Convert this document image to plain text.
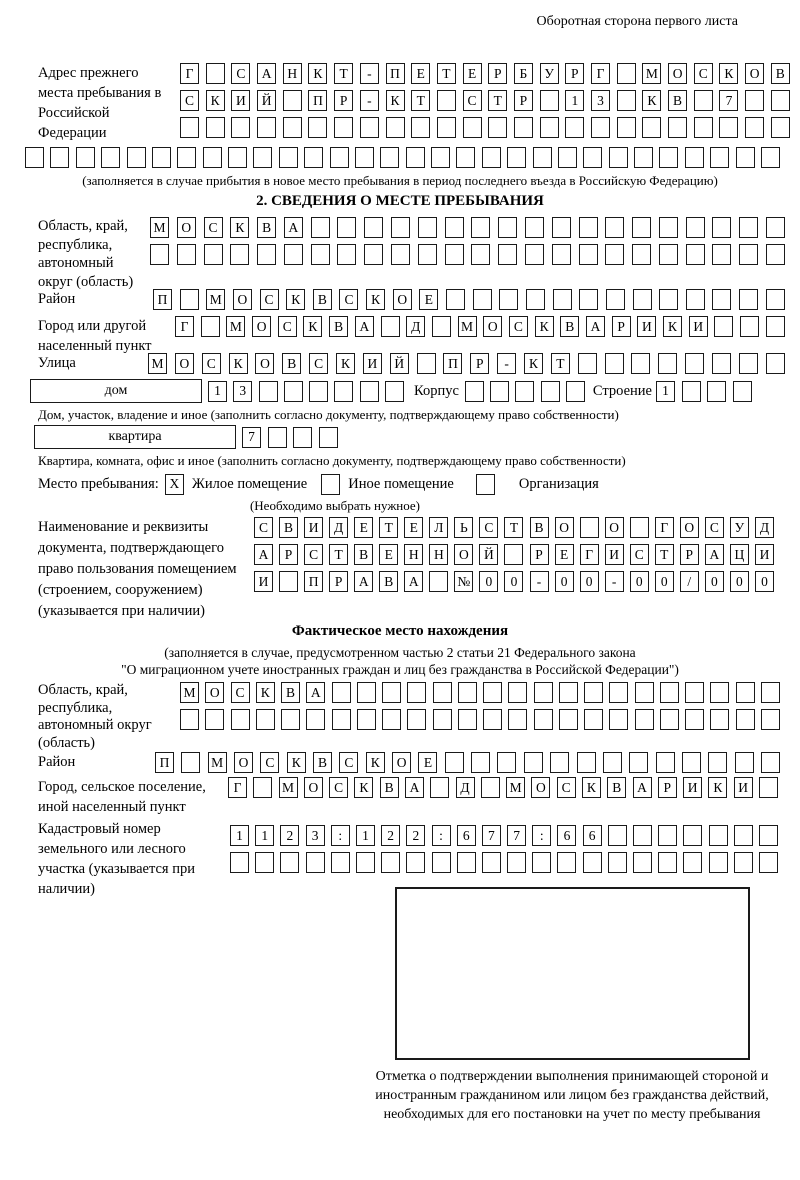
Оборотная сторона первого листа
Адрес прежнего места пребывания в Российской Федерации
Г	С	А	Н	К	Т	-	П	Е	Т	Е	Р	Б	У	Р	Г	М	О	С	К	О	В
С	К	И	Й	П	Р	-	К	Т	С	Т	Р	1	3	К	В	7
(заполняется в случае прибытия в новое место пребывания в период последнего въезда в Российскую Федерацию)
2. СВЕДЕНИЯ О МЕСТЕ ПРЕБЫВАНИЯ
Область, край, республика, автономный округ (область)
М	О	С	К	В	А
Район	П	М	О	С	К	В	С	К	О	Е
Город или другой населенный пункт
Г	М	О	С	К	В	А	Д	М	О	С	К	В	А	Р	И	К	И
Улица	М	О	С	К	О	В	С	К	И	Й	П	Р	-	К	Т
дом	1	3	Корпус	Строение 1
Дом, участок, владение и иное (заполнить согласно документу, подтверждающему право собственности)
квартира	7
Квартира, комната, офис и иное (заполнить согласно документу, подтверждающему право собственности)
Место пребывания: X Жилое помещение	Иное помещение	Организация
(Необходимо выбрать нужное)
Наименование и реквизиты документа, подтверждающего право пользования помещением (строением, сооружением) (указывается при наличии)
С	В	И	Д	Е	Т	Е	Л	Ь	С	Т	В	О	О	Г	О	С	У	Д
А	Р	С	Т	В	Е	Н	Н	О	Й	Р	Е	Г	И	С	Т	Р	А	Ц	И
И	П	Р	А	В	А	№	0	0	-	0	0	-	0	0	/	0	0	0
Фактическое место нахождения
(заполняется в случае, предусмотренном частью 2 статьи 21 Федерального закона
"О миграционном учете иностранных граждан и лиц без гражданства в Российской Федерации")
Область, край, республика, автономный округ (область)
М	О	С	К	В	А
Район	П	М	О	С	К	В	С	К	О	Е
Город, сельское поселение, иной населенный пункт
Г	М	О	С	К	В	А	Д	М	О	С	К	В	А	Р	И	К	И
Кадастровый номер земельного или лесного участка (указывается при наличии)
1	1	2	3	:	1	2	2	:	6	7	7	:	6	6
Отметка о подтверждении выполнения принимающей стороной и иностранным гражданином или лицом без гражданства действий, необходимых для его постановки на учет по месту пребывания
